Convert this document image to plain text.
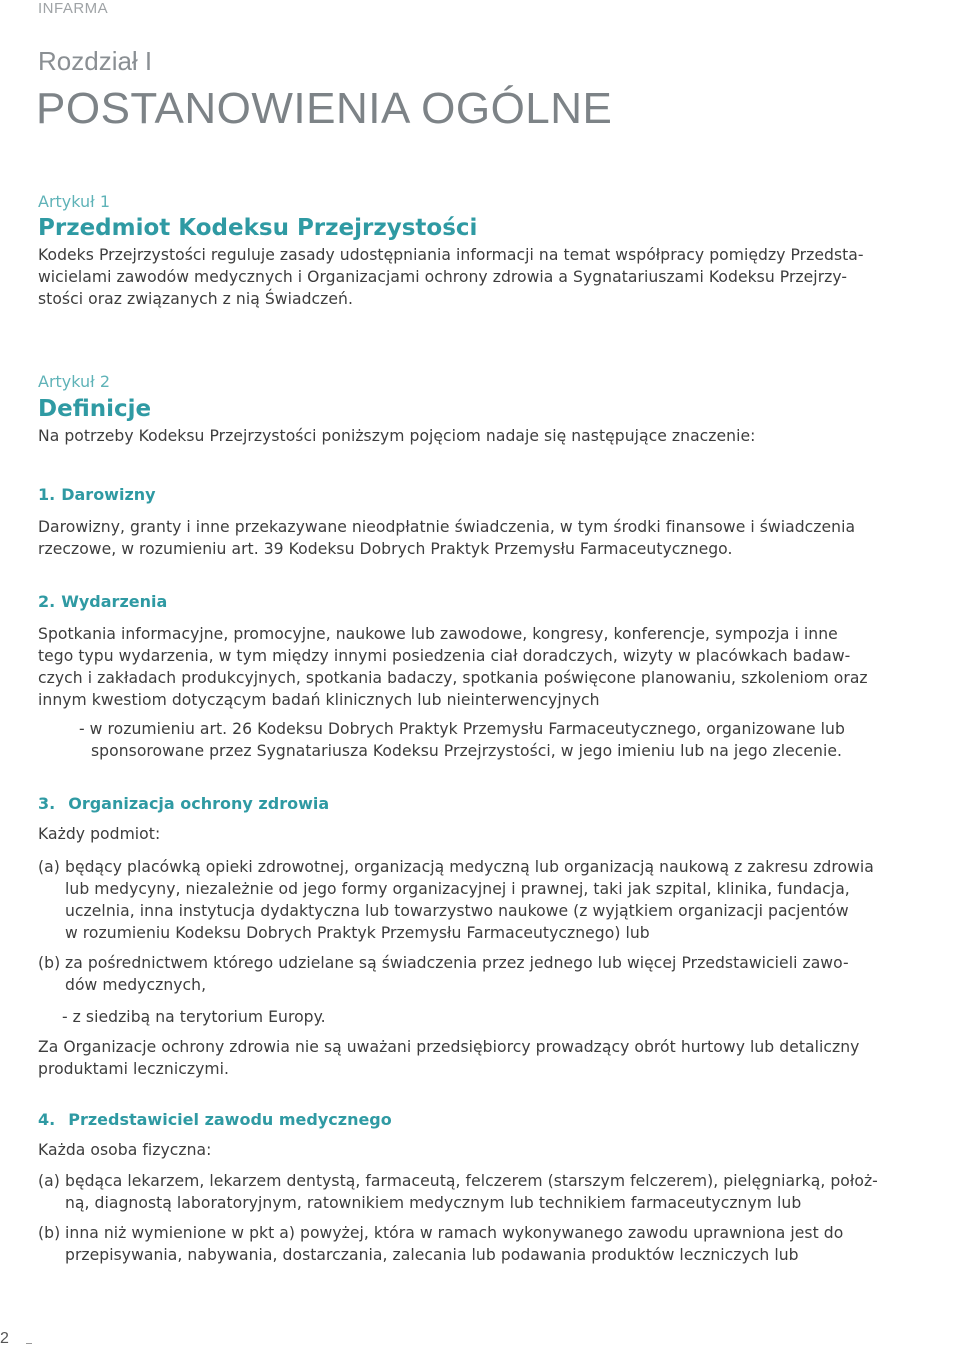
INFARMA
Rozdział I
POSTANOWIENIA OGÓLNE

Artykuł 1

Przedmiot Kodeksu Przejrzystości

Kodeks Przejrzystości reguluje zasady udostępniania informacji na temat współpracy pomiędzy Przedsta-

wicielami zawodów medycznych i Organizacjami ochrony zdrowia a Sygnatariuszami Kodeksu Przejrzy-

stości oraz związanych z nią Świadczeń.

Artykuł 2

Definicje

Na potrzeby Kodeksu Przejrzystości poniższym pojęciom nadaje się następujące znaczenie:

1. Darowizny

Darowizny, granty i inne przekazywane nieodpłatnie świadczenia, w tym środki finansowe i świadczenia

rzeczowe, w rozumieniu art. 39 Kodeksu Dobrych Praktyk Przemysłu Farmaceutycznego.

2. Wydarzenia

Spotkania informacyjne, promocyjne, naukowe lub zawodowe, kongresy, konferencje, sympozja i inne

tego typu wydarzenia, w tym między innymi posiedzenia ciał doradczych, wizyty w placówkach badaw-

czych i zakładach produkcyjnych, spotkania badaczy, spotkania poświęcone planowaniu, szkoleniom oraz

innym kwestiom dotyczącym badań klinicznych lub nieinterwencyjnych

- w rozumieniu art. 26 Kodeksu Dobrych Praktyk Przemysłu Farmaceutycznego, organizowane lub

sponsorowane przez Sygnatariusza Kodeksu Przejrzystości, w jego imieniu lub na jego zlecenie.

3. Organizacja ochrony zdrowia

Każdy podmiot:

(a) będący placówką opieki zdrowotnej, organizacją medyczną lub organizacją naukową z zakresu zdrowia

lub medycyny, niezależnie od jego formy organizacyjnej i prawnej, taki jak szpital, klinika, fundacja,

uczelnia, inna instytucja dydaktyczna lub towarzystwo naukowe (z wyjątkiem organizacji pacjentów

w rozumieniu Kodeksu Dobrych Praktyk Przemysłu Farmaceutycznego) lub

(b) za pośrednictwem którego udzielane są świadczenia przez jednego lub więcej Przedstawicieli zawo-

dów medycznych,

- z siedzibą na terytorium Europy.

Za Organizacje ochrony zdrowia nie są uważani przedsiębiorcy prowadzący obrót hurtowy lub detaliczny

produktami leczniczymi.

4. Przedstawiciel zawodu medycznego

Każda osoba fizyczna:

(a) będąca lekarzem, lekarzem dentystą, farmaceutą, felczerem (starszym felczerem), pielęgniarką, położ-

ną, diagnostą laboratoryjnym, ratownikiem medycznym lub technikiem farmaceutycznym lub

(b) inna niż wymienione w pkt a) powyżej, która w ramach wykonywanego zawodu uprawniona jest do

przepisywania, nabywania, dostarczania, zalecania lub podawania produktów leczniczych lub

2
